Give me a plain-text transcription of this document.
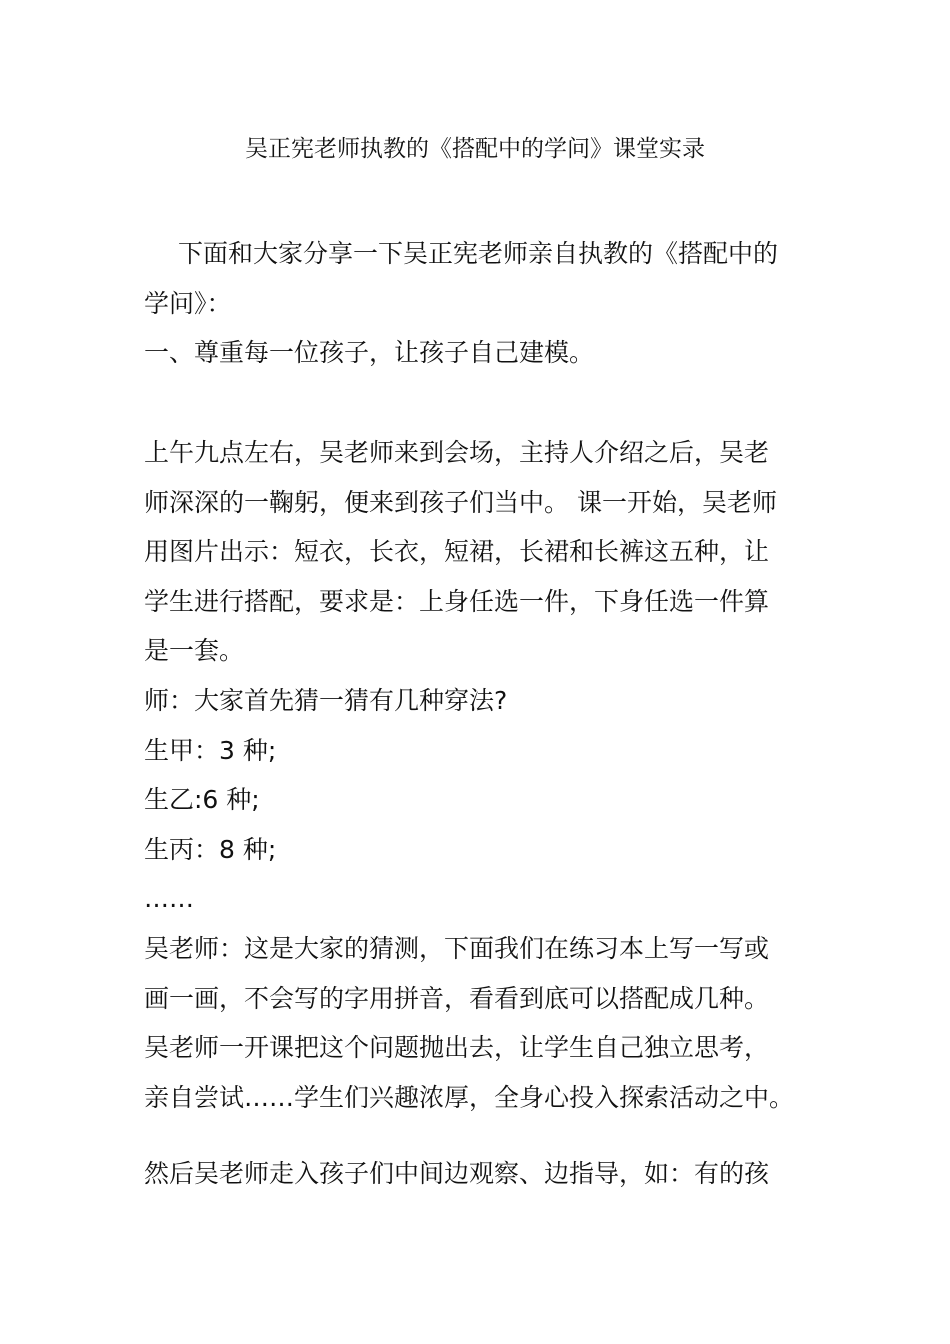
吴正宪老师执教的《搭配中的学问》课堂实录
下面和大家分享一下吴正宪老师亲自执教的《搭配中的
学问》：
一、尊重每一位孩子，让孩子自己建模。
上午九点左右，吴老师来到会场，主持人介绍之后，吴老
师深深的一鞠躬，便来到孩子们当中。 课一开始，吴老师
用图片出示：短衣，长衣，短裙，长裙和长裤这五种，让
学生进行搭配，要求是：上身任选一件，下身任选一件算
是一套。
师：大家首先猜一猜有几种穿法?
生甲：3 种;
生乙:6 种;
生丙：8 种;
……
吴老师：这是大家的猜测，下面我们在练习本上写一写或
画一画，不会写的字用拼音，看看到底可以搭配成几种。
吴老师一开课把这个问题抛出去，让学生自己独立思考，
亲自尝试……学生们兴趣浓厚，全身心投入探索活动之中。
然后吴老师走入孩子们中间边观察、边指导，如：有的孩
